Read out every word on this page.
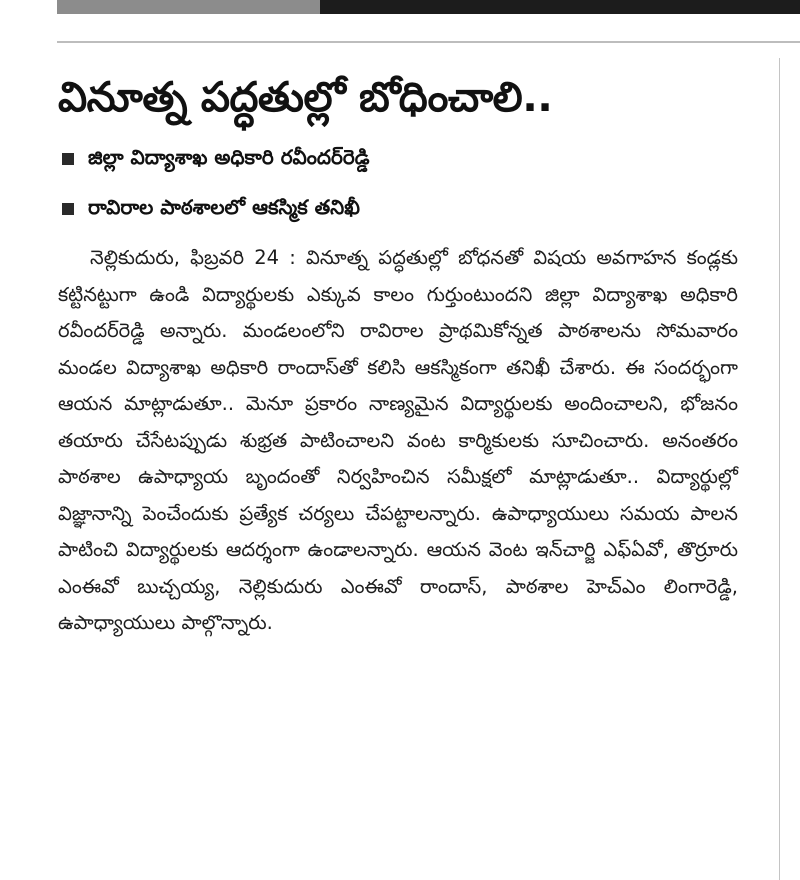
వినూత్న పద్ధతుల్లో బోధించాలి..
జిల్లా విద్యాశాఖ అధికారి రవీందర్‌రెడ్డి
రావిరాల పాఠశాలలో ఆకస్మిక తనిఖీ

నెల్లికుదురు, ఫిబ్రవరి 24 : వినూత్న పద్ధతుల్లో బోధనతో విషయ అవగాహన కండ్లకు కట్టినట్టుగా ఉండి విద్యార్థులకు ఎక్కువ కాలం గుర్తుంటుందని జిల్లా విద్యాశాఖ అధికారి రవీందర్‌రెడ్డి అన్నారు. మండలంలోని రావిరాల ప్రాథమికోన్నత పాఠశాలను సోమవారం మండల విద్యాశాఖ అధికారి రాందాస్‌తో కలిసి ఆకస్మికంగా తనిఖీ చేశారు. ఈ సందర్భంగా ఆయన మాట్లాడుతూ.. మెనూ ప్రకారం నాణ్యమైన విద్యార్థులకు అందించాలని, భోజనం తయారు చేసేటప్పుడు శుభ్రత పాటించాలని వంట కార్మికులకు సూచించారు. అనంతరం పాఠశాల ఉపాధ్యాయ బృందంతో నిర్వహించిన సమీక్షలో మాట్లాడుతూ.. విద్యార్థుల్లో విజ్ఞానాన్ని పెంచేందుకు ప్రత్యేక చర్యలు చేపట్టాలన్నారు. ఉపాధ్యాయులు సమయ పాలన పాటించి విద్యార్థులకు ఆదర్శంగా ఉండాలన్నారు. ఆయన వెంట ఇన్‌చార్జి ఎఫ్‌ఏవో, తొర్రూరు ఎంఈవో బుచ్చయ్య, నెల్లికుదురు ఎంఈవో రాందాస్, పాఠశాల హెచ్‌ఎం లింగారెడ్డి, ఉపాధ్యాయులు పాల్గొన్నారు.
